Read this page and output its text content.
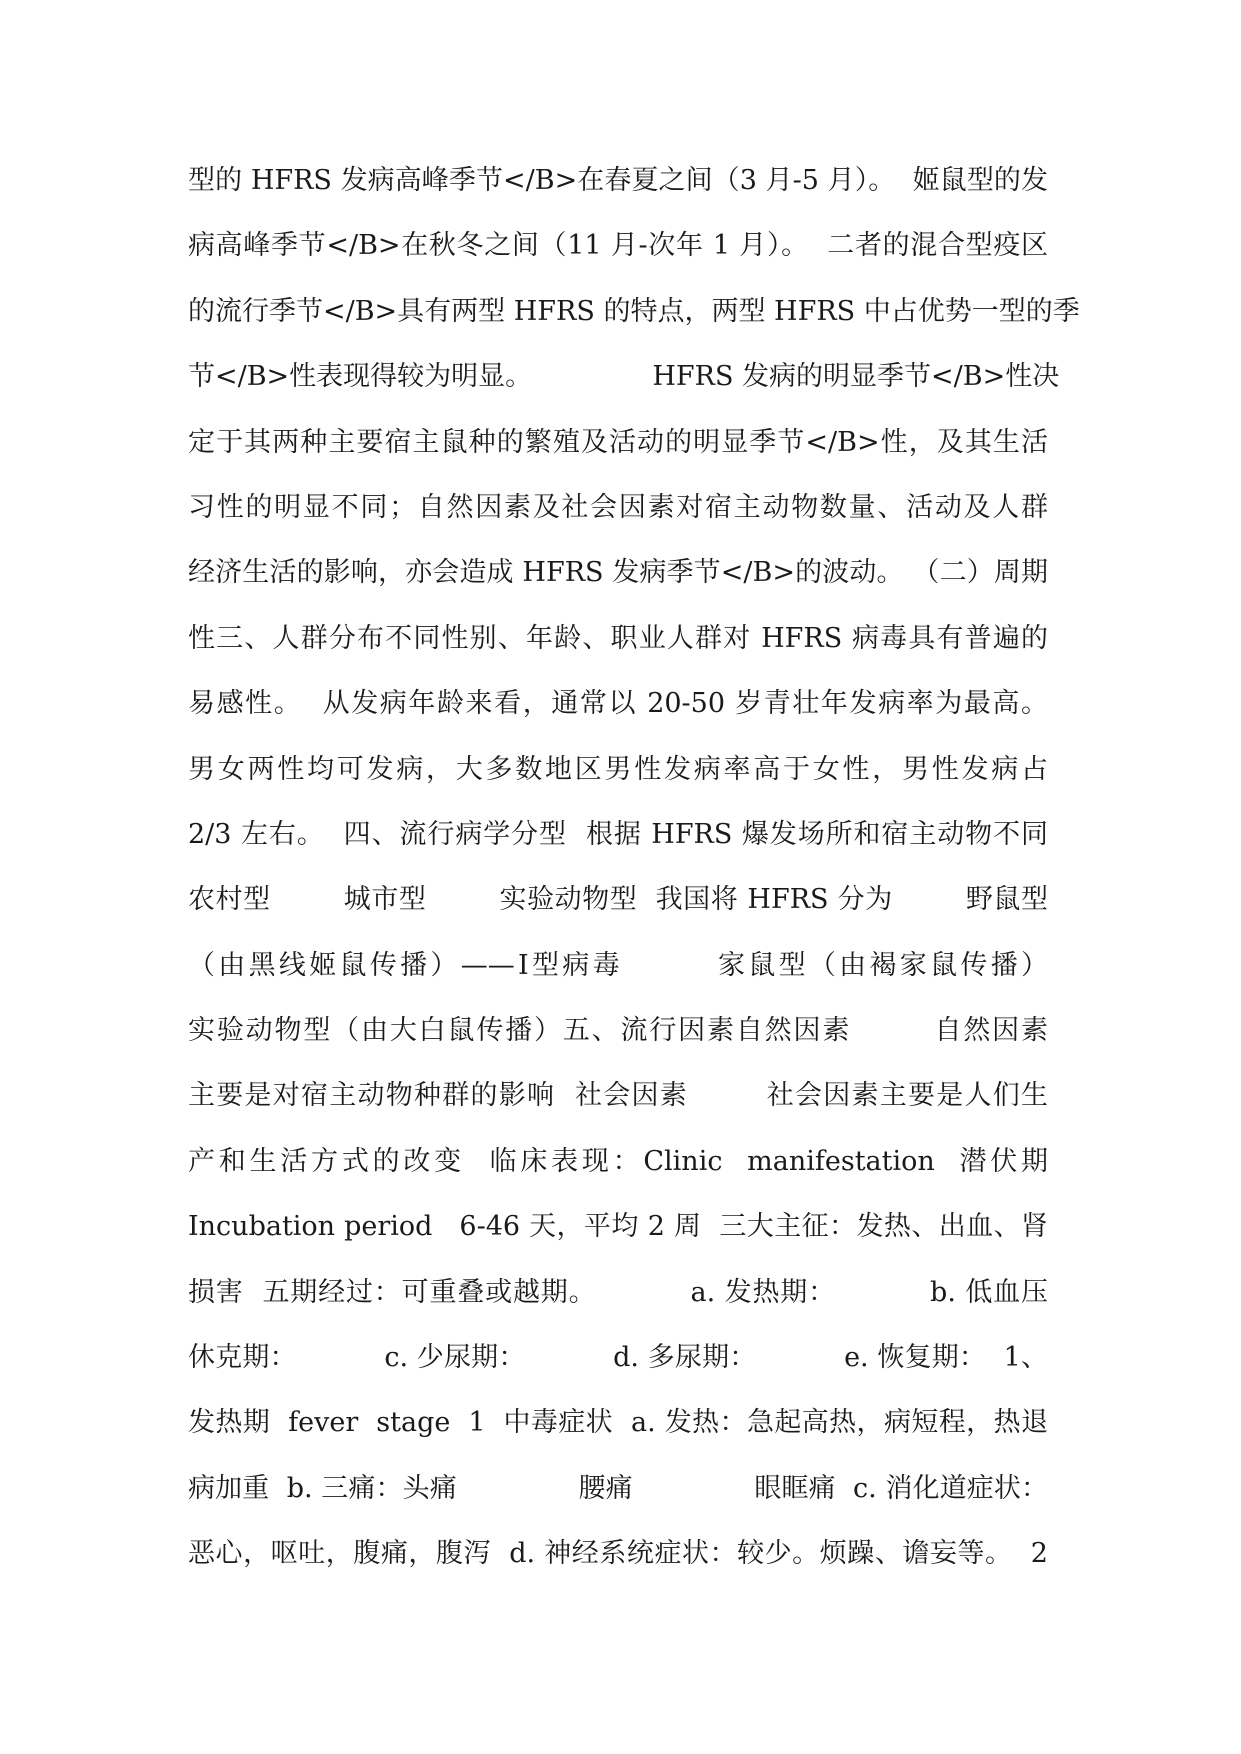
型的 HFRS 发病高峰季节</B>在春夏之间（3 月-5 月）。  姬鼠型的发
病高峰季节</B>在秋冬之间（11 月-次年 1 月）。  二者的混合型疫区
的流行季节</B>具有两型 HFRS 的特点，两型 HFRS 中占优势一型的季
节</B>性表现得较为明显。              HFRS 发病的明显季节</B>性决
定于其两种主要宿主鼠种的繁殖及活动的明显季节</B>性，及其生活
习性的明显不同；自然因素及社会因素对宿主动物数量、活动及人群
经济生活的影响，亦会造成 HFRS 发病季节</B>的波动。 （二）周期
性三、人群分布不同性别、年龄、职业人群对 HFRS 病毒具有普遍的
易感性。  从发病年龄来看，通常以 20-50 岁青壮年发病率为最高。
男女两性均可发病，大多数地区男性发病率高于女性，男性发病占
2/3 左右。  四、流行病学分型  根据 HFRS 爆发场所和宿主动物不同
农村型        城市型        实验动物型  我国将 HFRS 分为        野鼠型
（由黑线姬鼠传播）——Ⅰ型病毒        家鼠型（由褐家鼠传播）
实验动物型（由大白鼠传播）五、流行因素自然因素        自然因素
主要是对宿主动物种群的影响  社会因素        社会因素主要是人们生
产和生活方式的改变  临床表现：Clinic  manifestation  潜伏期
Incubation period   6-46 天，平均 2 周  三大主征：发热、出血、肾
损害  五期经过：可重叠或越期。          a. 发热期：          b. 低血压
休克期：          c. 少尿期：          d. 多尿期：          e. 恢复期：  1、
发热期  fever  stage  1  中毒症状  a. 发热：急起高热，病短程，热退
病加重  b. 三痛：头痛              腰痛              眼眶痛  c. 消化道症状：
恶心，呕吐，腹痛，腹泻  d. 神经系统症状：较少。烦躁、谵妄等。  2
